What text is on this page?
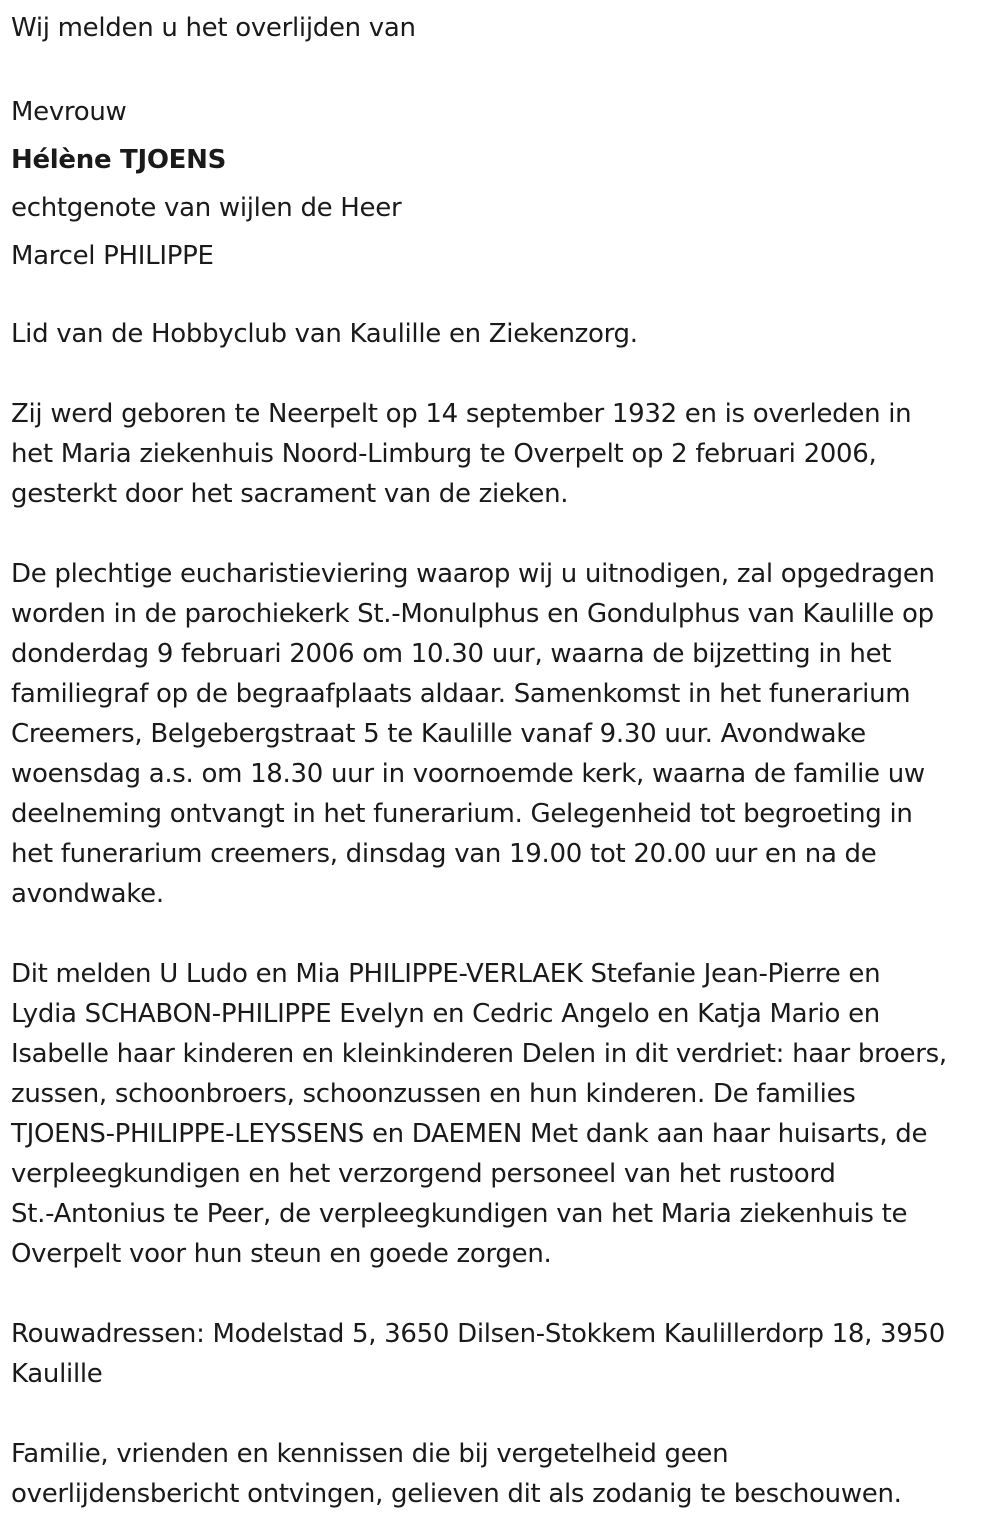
Wij melden u het overlijden van
Mevrouw
Hélène TJOENS
echtgenote van wijlen de Heer
Marcel PHILIPPE
Lid van de Hobbyclub van Kaulille en Ziekenzorg.
Zij werd geboren te Neerpelt op 14 september 1932 en is overleden in
het Maria ziekenhuis Noord-Limburg te Overpelt op 2 februari 2006,
gesterkt door het sacrament van de zieken.
De plechtige eucharistieviering waarop wij u uitnodigen, zal opgedragen
worden in de parochiekerk St.-Monulphus en Gondulphus van Kaulille op
donderdag 9 februari 2006 om 10.30 uur, waarna de bijzetting in het
familiegraf op de begraafplaats aldaar. Samenkomst in het funerarium
Creemers, Belgebergstraat 5 te Kaulille vanaf 9.30 uur. Avondwake
woensdag a.s. om 18.30 uur in voornoemde kerk, waarna de familie uw
deelneming ontvangt in het funerarium. Gelegenheid tot begroeting in
het funerarium creemers, dinsdag van 19.00 tot 20.00 uur en na de
avondwake.
Dit melden U Ludo en Mia PHILIPPE-VERLAEK Stefanie Jean-Pierre en
Lydia SCHABON-PHILIPPE Evelyn en Cedric Angelo en Katja Mario en
Isabelle haar kinderen en kleinkinderen Delen in dit verdriet: haar broers,
zussen, schoonbroers, schoonzussen en hun kinderen. De families
TJOENS-PHILIPPE-LEYSSENS en DAEMEN Met dank aan haar huisarts, de
verpleegkundigen en het verzorgend personeel van het rustoord
St.-Antonius te Peer, de verpleegkundigen van het Maria ziekenhuis te
Overpelt voor hun steun en goede zorgen.
Rouwadressen: Modelstad 5, 3650 Dilsen-Stokkem Kaulillerdorp 18, 3950
Kaulille
Familie, vrienden en kennissen die bij vergetelheid geen
overlijdensbericht ontvingen, gelieven dit als zodanig te beschouwen.
